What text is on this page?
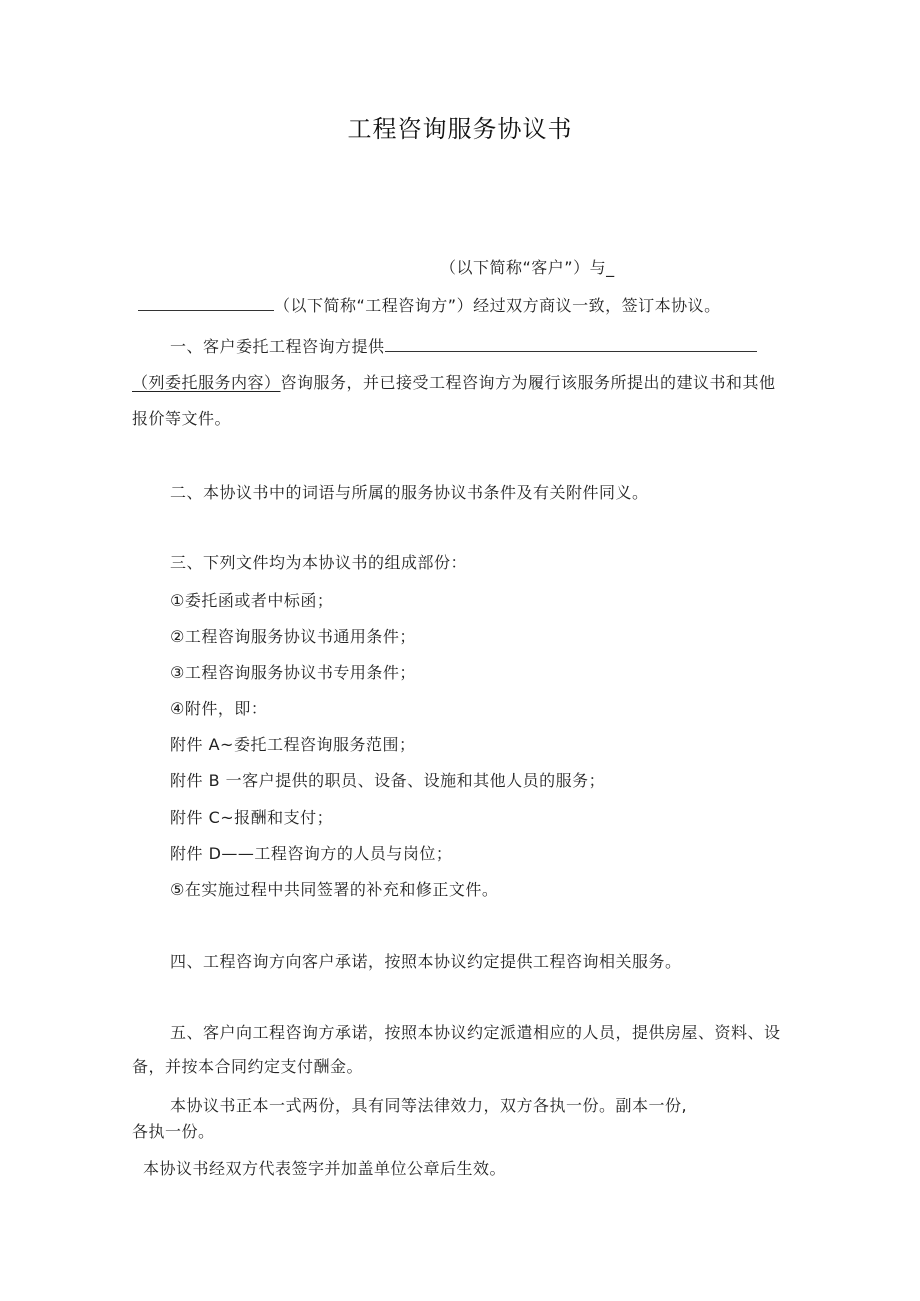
工程咨询服务协议书
（以下简称“客户”）与_
（以下简称“工程咨询方”）经过双方商议一致，签订本协议。
一、客户委托工程咨询方提供
（列委托服务内容）咨询服务，并已接受工程咨询方为履行该服务所提出的建议书和其他
报价等文件。
二、本协议书中的词语与所属的服务协议书条件及有关附件同义。
三、下列文件均为本协议书的组成部份：
①委托函或者中标函；
②工程咨询服务协议书通用条件；
③工程咨询服务协议书专用条件；
④附件，即：
附件 A~委托工程咨询服务范围；
附件 B 一客户提供的职员、设备、设施和其他人员的服务；
附件 C~报酬和支付；
附件 D——工程咨询方的人员与岗位；
⑤在实施过程中共同签署的补充和修正文件。
四、工程咨询方向客户承诺，按照本协议约定提供工程咨询相关服务。
五、客户向工程咨询方承诺，按照本协议约定派遣相应的人员，提供房屋、资料、设
备，并按本合同约定支付酬金。
本协议书正本一式两份，具有同等法律效力，双方各执一份。副本一份,
各执一份。
本协议书经双方代表签字并加盖单位公章后生效。
